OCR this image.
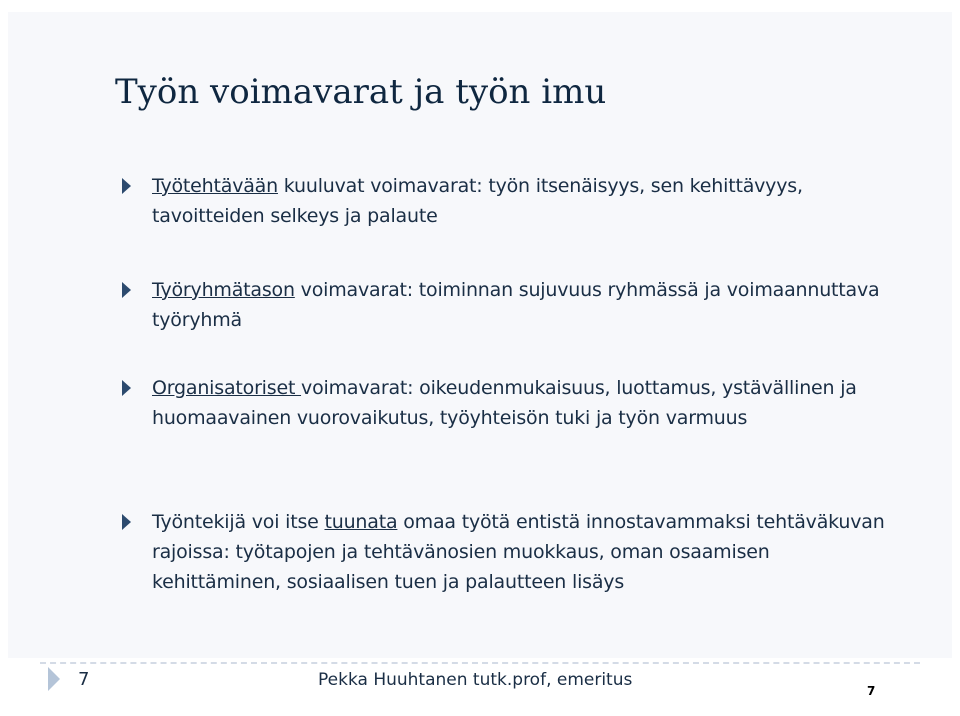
Työn voimavarat ja työn imu
Työtehtävään kuuluvat voimavarat: työn itsenäisyys, sen kehittävyys, tavoitteiden selkeys ja palaute
Työryhmätason voimavarat: toiminnan sujuvuus ryhmässä ja voimaannuttava työryhmä
Organisatoriset voimavarat: oikeudenmukaisuus, luottamus, ystävällinen ja huomaavainen vuorovaikutus, työyhteisön tuki ja työn varmuus
Työntekijä voi itse tuunata omaa työtä entistä innostavammaksi tehtäväkuvan rajoissa: työtapojen ja tehtävänosien muokkaus, oman osaamisen kehittäminen, sosiaalisen tuen ja palautteen lisäys
7	Pekka Huuhtanen tutk.prof, emeritus
7
